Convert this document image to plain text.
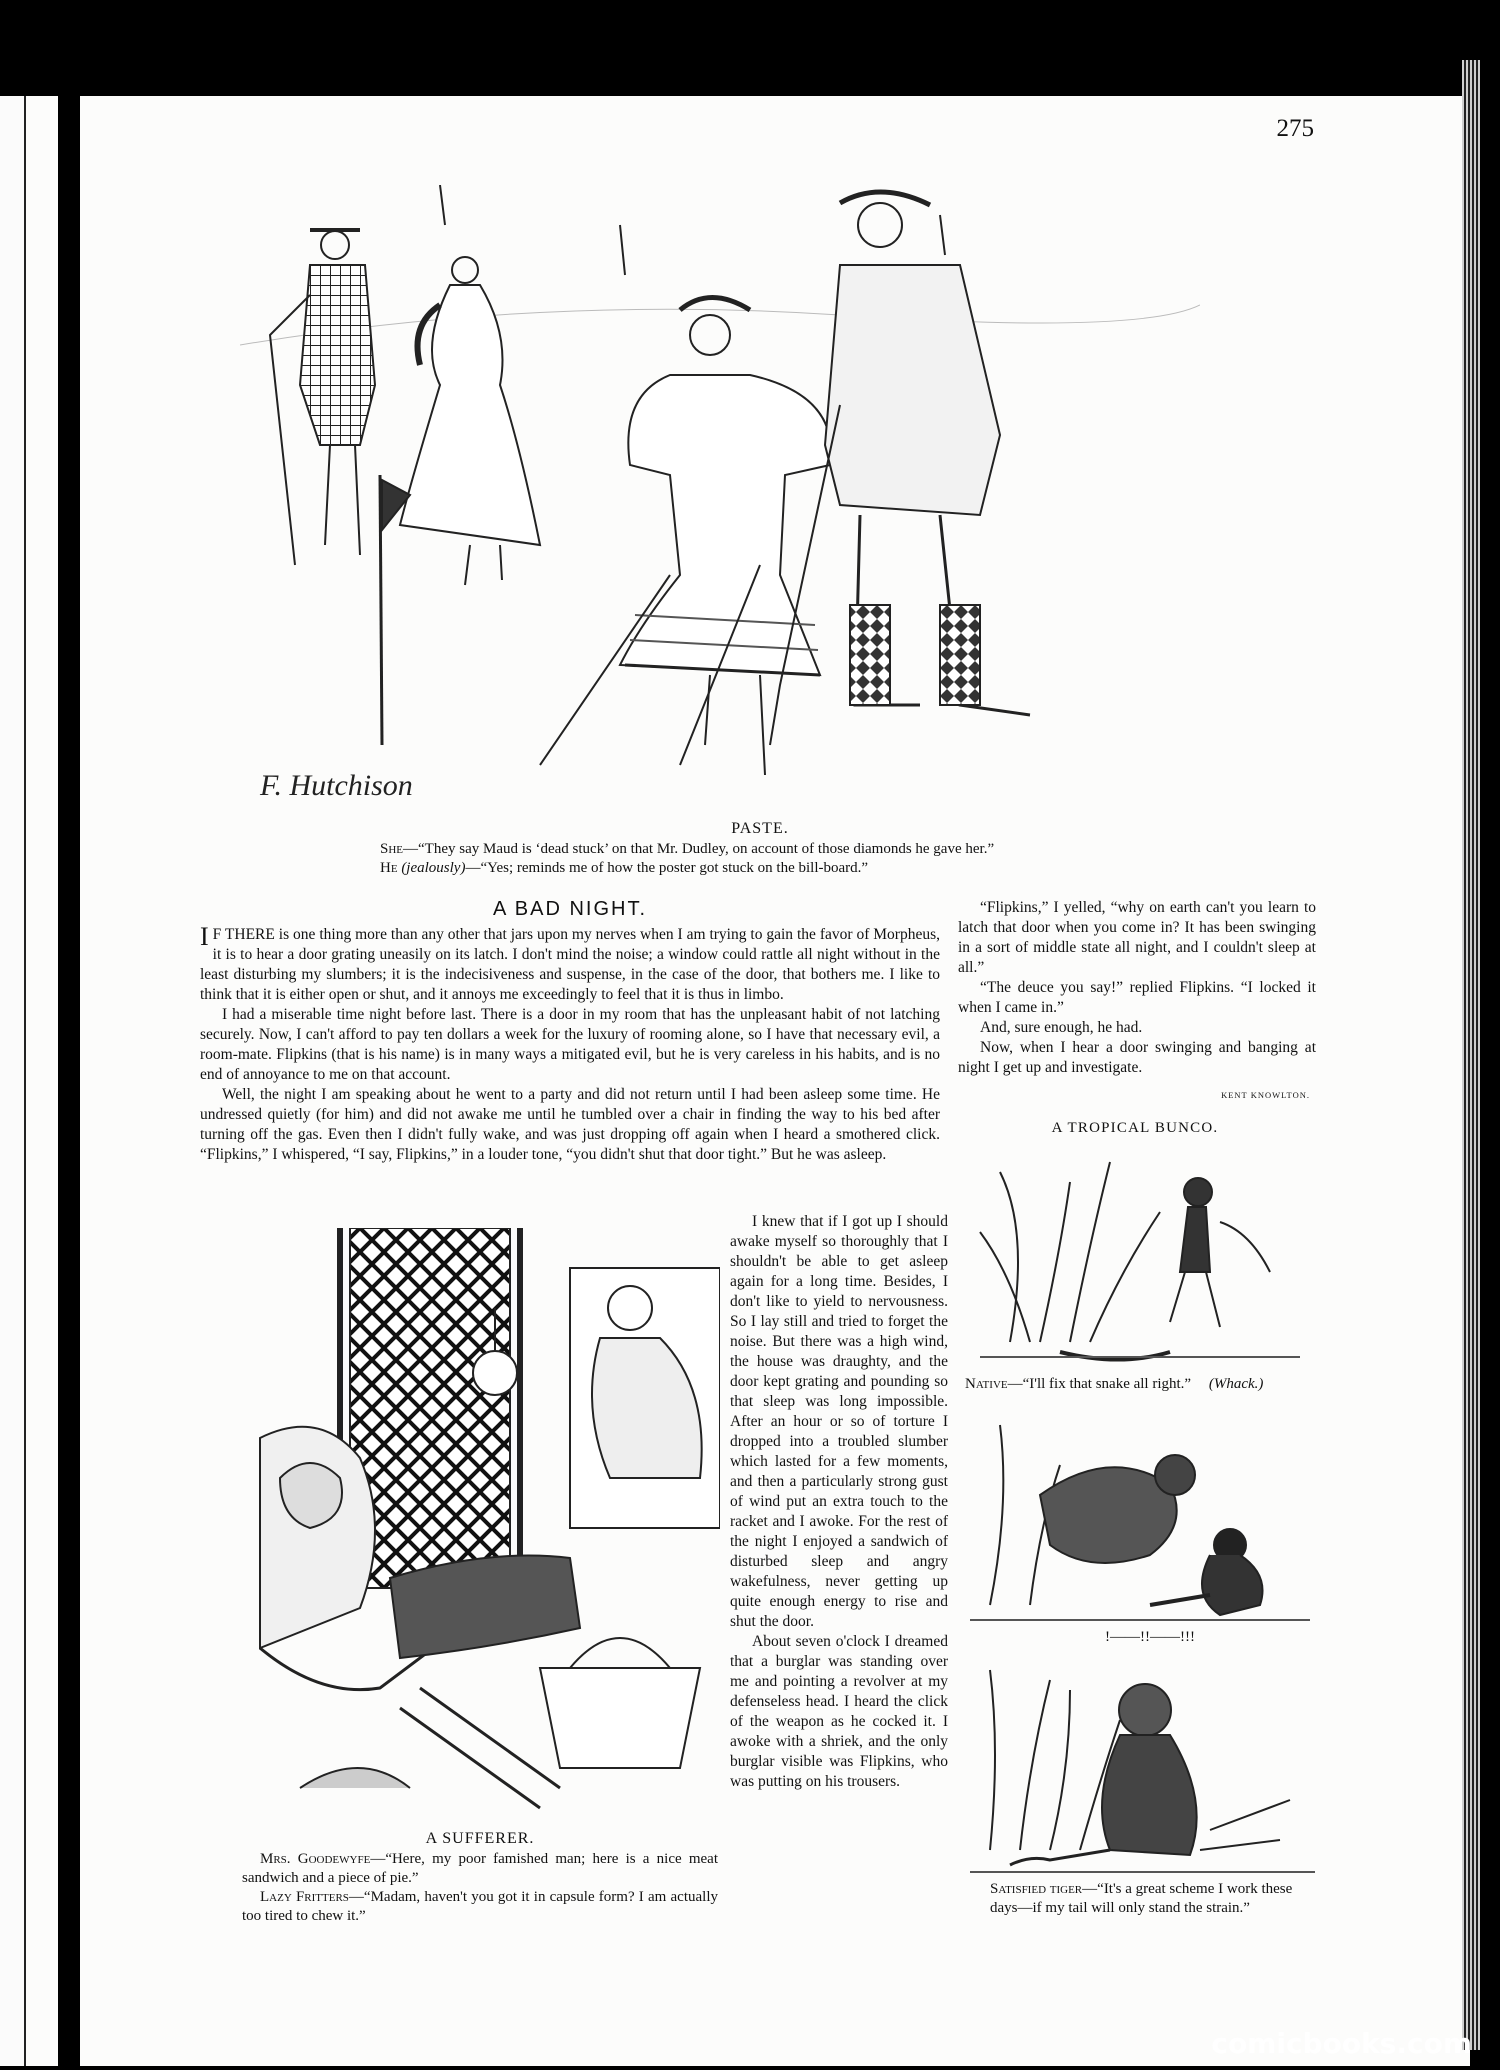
275
F. Hutchison
PASTE.
She—“They say Maud is ‘dead stuck’ on that Mr. Dudley, on account of those diamonds he gave her.”
He (jealously)—“Yes; reminds me of how the poster got stuck on the bill-board.”
A BAD NIGHT.

I F THERE is one thing more than any other that jars upon my nerves when I am trying to gain the favor of Morpheus, it is to hear a door grating uneasily on its latch. I don't mind the noise; a window could rattle all night without in the least disturbing my slumbers; it is the indecisiveness and suspense, in the case of the door, that bothers me. I like to think that it is either open or shut, and it annoys me exceedingly to feel that it is thus in limbo.

I had a miserable time night before last. There is a door in my room that has the unpleasant habit of not latching securely. Now, I can't afford to pay ten dollars a week for the luxury of rooming alone, so I have that necessary evil, a room-mate. Flipkins (that is his name) is in many ways a mitigated evil, but he is very careless in his habits, and is no end of annoyance to me on that account.

Well, the night I am speaking about he went to a party and did not return until I had been asleep some time. He undressed quietly (for him) and did not awake me until he tumbled over a chair in finding the way to his bed after turning off the gas. Even then I didn't fully wake, and was just dropping off again when I heard a smothered click. “Flipkins,” I whispered, “I say, Flipkins,” in a louder tone, “you didn't shut that door tight.” But he was asleep.

A SUFFERER.
Mrs. Goodewyfe—“Here, my poor famished man; here is a nice meat sandwich and a piece of pie.”
Lazy Fritters—“Madam, haven't you got it in capsule form? I am actually too tired to chew it.”

I knew that if I got up I should awake myself so thoroughly that I shouldn't be able to get asleep again for a long time. Besides, I don't like to yield to nervousness. So I lay still and tried to forget the noise. But there was a high wind, the house was draughty, and the door kept grating and pounding so that sleep was long impossible. After an hour or so of torture I dropped into a troubled slumber which lasted for a few moments, and then a particularly strong gust of wind put an extra touch to the racket and I awoke. For the rest of the night I enjoyed a sandwich of disturbed sleep and angry wakefulness, never getting up quite enough energy to rise and shut the door.

About seven o'clock I dreamed that a burglar was standing over me and pointing a revolver at my defenseless head. I heard the click of the weapon as he cocked it. I awoke with a shriek, and the only burglar visible was Flipkins, who was putting on his trousers.

“Flipkins,” I yelled, “why on earth can't you learn to latch that door when you come in? It has been swinging in a sort of middle state all night, and I couldn't sleep at all.”

“The deuce you say!” replied Flipkins. “I locked it when I came in.”

And, sure enough, he had.

Now, when I hear a door swinging and banging at night I get up and investigate.

KENT KNOWLTON.
A TROPICAL BUNCO.
Native—“I'll fix that snake all right.” (Whack.)
!——!!——!!!
Satisfied tiger—“It's a great scheme I work these days—if my tail will only stand the strain.”
comicbooks.com
